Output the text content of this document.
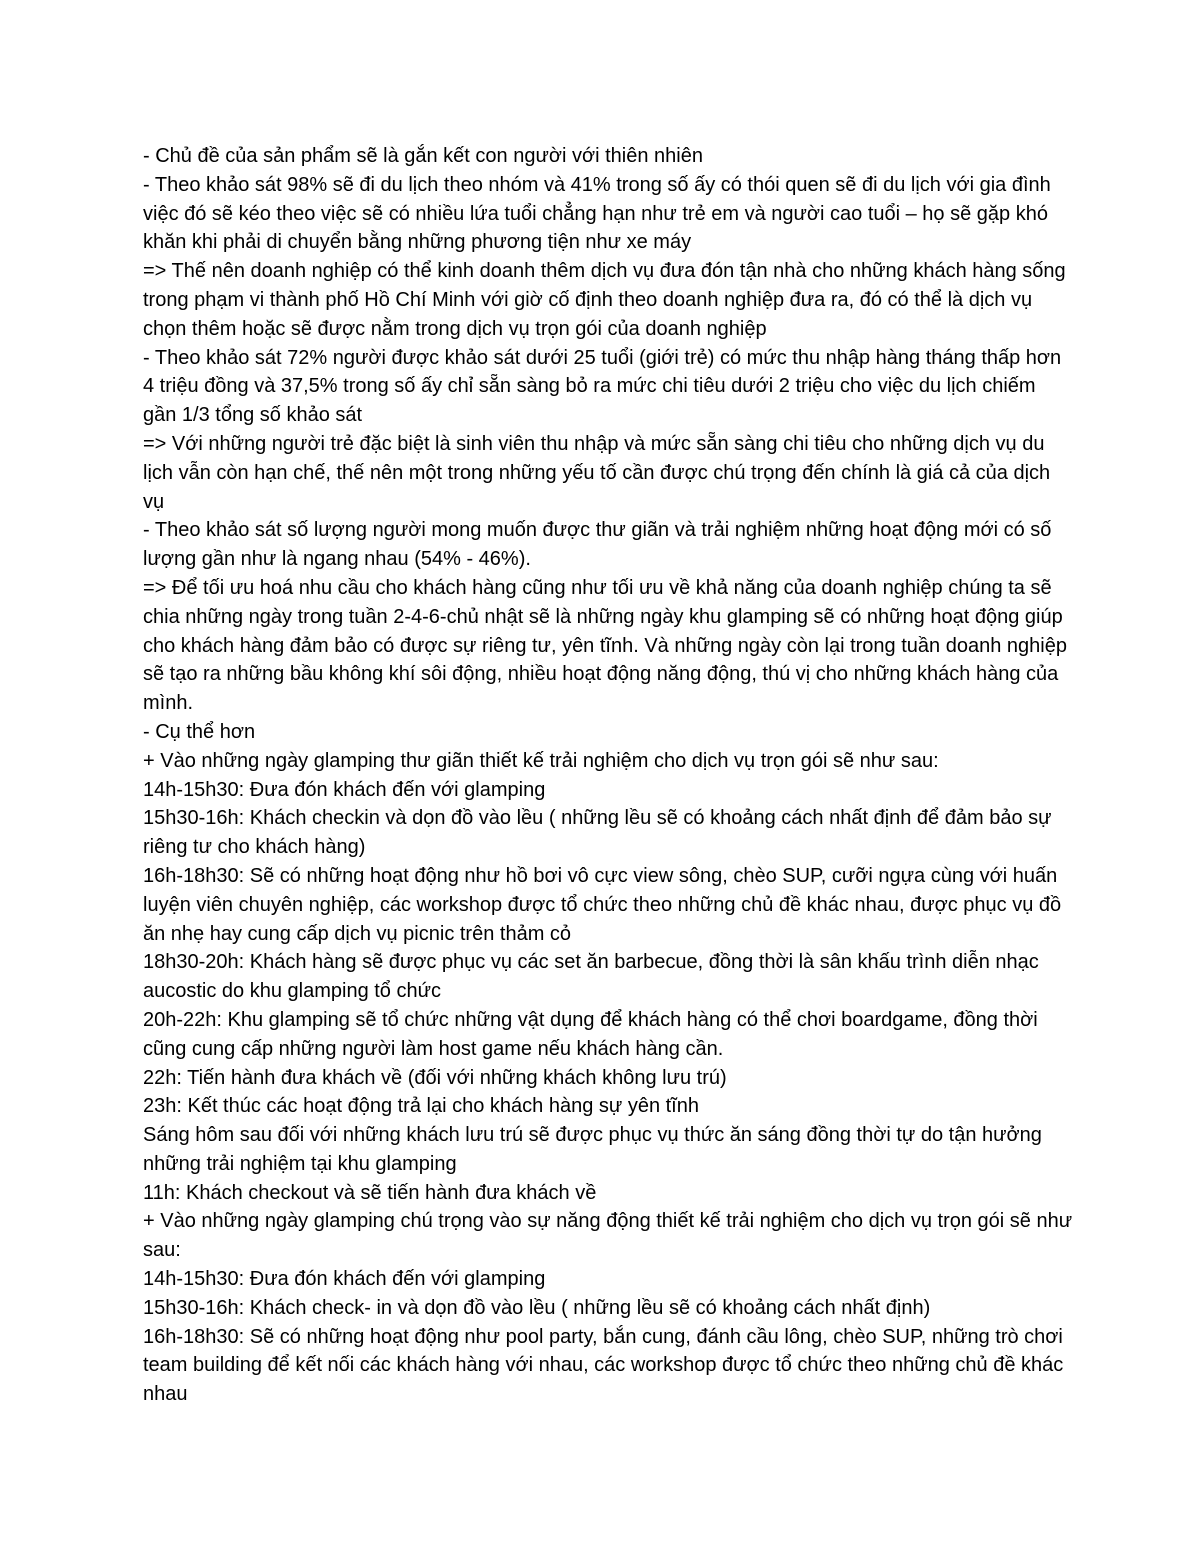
- Chủ đề của sản phẩm sẽ là gắn kết con người với thiên nhiên

- Theo khảo sát 98% sẽ đi du lịch theo nhóm và 41% trong số ấy có thói quen sẽ đi du lịch với gia đình việc đó sẽ kéo theo việc sẽ có nhiều lứa tuổi chẳng hạn như trẻ em và người cao tuổi – họ sẽ gặp khó khăn khi phải di chuyển bằng những phương tiện như xe máy

=> Thế nên doanh nghiệp có thể kinh doanh thêm dịch vụ đưa đón tận nhà cho những khách hàng sống trong phạm vi thành phố Hồ Chí Minh với giờ cố định theo doanh nghiệp đưa ra, đó có thể là dịch vụ chọn thêm hoặc sẽ được nằm trong dịch vụ trọn gói của doanh nghiệp

- Theo khảo sát 72% người được khảo sát dưới 25 tuổi (giới trẻ) có mức thu nhập hàng tháng thấp hơn 4 triệu đồng và 37,5% trong số ấy chỉ sẵn sàng bỏ ra mức chi tiêu dưới 2 triệu cho việc du lịch chiếm gần 1/3 tổng số khảo sát

=> Với những người trẻ đặc biệt là sinh viên thu nhập và mức sẵn sàng chi tiêu cho những dịch vụ du lịch vẫn còn hạn chế, thế nên một trong những yếu tố cần được chú trọng đến chính là giá cả của dịch vụ

- Theo khảo sát số lượng người mong muốn được thư giãn và trải nghiệm những hoạt động mới có số lượng gần như là ngang nhau (54% - 46%).

=> Để tối ưu hoá nhu cầu cho khách hàng cũng như tối ưu về khả năng của doanh nghiệp chúng ta sẽ chia những ngày trong tuần 2-4-6-chủ nhật sẽ là những ngày khu glamping sẽ có những hoạt động giúp cho khách hàng đảm bảo có được sự riêng tư, yên tĩnh. Và những ngày còn lại trong tuần doanh nghiệp sẽ tạo ra những bầu không khí sôi động, nhiều hoạt động năng động, thú vị cho những khách hàng của mình.

- Cụ thể hơn

+ Vào những ngày glamping thư giãn thiết kế trải nghiệm cho dịch vụ trọn gói sẽ như sau:

14h-15h30: Đưa đón khách đến với glamping

15h30-16h: Khách checkin và dọn đồ vào lều ( những lều sẽ có khoảng cách nhất định để đảm bảo sự riêng tư cho khách hàng)

16h-18h30: Sẽ có những hoạt động như hồ bơi vô cực view sông, chèo SUP, cưỡi ngựa cùng với huấn luyện viên chuyên nghiệp, các workshop được tổ chức theo những chủ đề khác nhau, được phục vụ đồ ăn nhẹ hay cung cấp dịch vụ picnic trên thảm cỏ

18h30-20h: Khách hàng sẽ được phục vụ các set ăn barbecue, đồng thời là sân khấu trình diễn nhạc aucostic do khu glamping tổ chức

20h-22h: Khu glamping sẽ tổ chức những vật dụng để khách hàng có thể chơi boardgame, đồng thời cũng cung cấp những người làm host game nếu khách hàng cần.

22h: Tiến hành đưa khách về (đối với những khách không lưu trú)

23h: Kết thúc các hoạt động trả lại cho khách hàng sự yên tĩnh

Sáng hôm sau đối với những khách lưu trú sẽ được phục vụ thức ăn sáng đồng thời tự do tận hưởng những trải nghiệm tại khu glamping

11h: Khách checkout và sẽ tiến hành đưa khách về

+ Vào những ngày glamping chú trọng vào sự năng động thiết kế trải nghiệm cho dịch vụ trọn gói sẽ như sau:

14h-15h30: Đưa đón khách đến với glamping

15h30-16h: Khách check- in và dọn đồ vào lều ( những lều sẽ có khoảng cách nhất định)

16h-18h30: Sẽ có những hoạt động như pool party, bắn cung, đánh cầu lông, chèo SUP, những trò chơi team building để kết nối các khách hàng với nhau, các workshop được tổ chức theo những chủ đề khác nhau
